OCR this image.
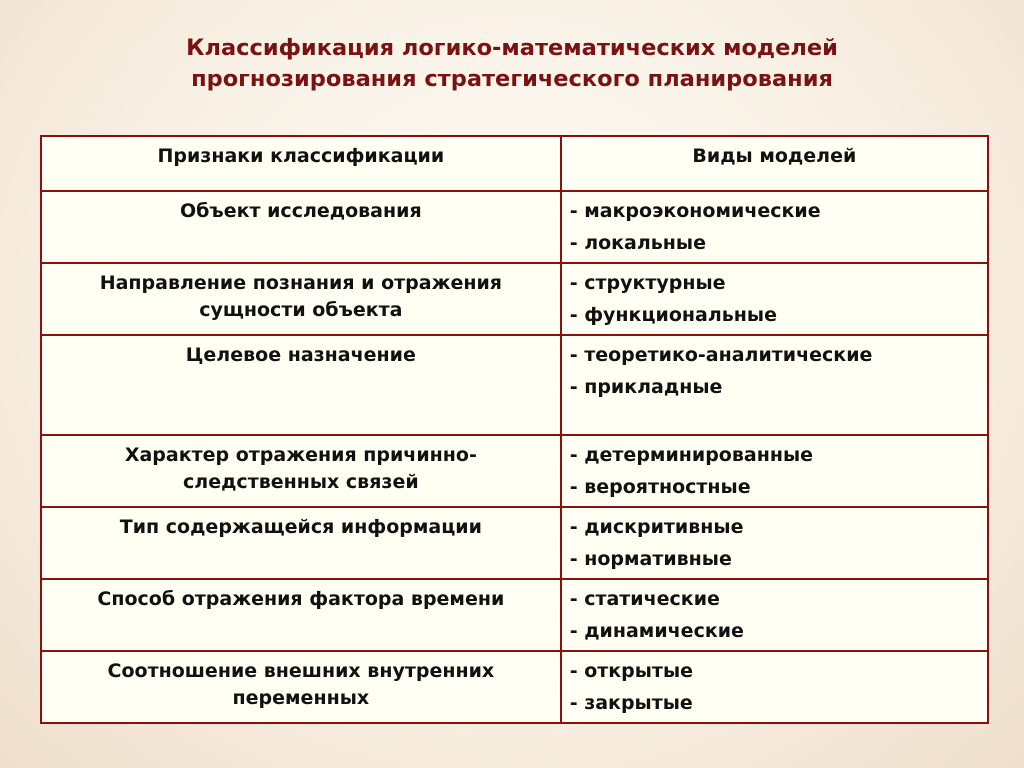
Классификация логико-математических моделей
прогнозирования стратегического планирования
Признаки классификации	Виды моделей
Объект исследования	- макроэкономические
- локальные

Направление познания и отражения сущности объекта	- структурные
- функциональные

Целевое назначение	- теоретико-аналитические
- прикладные

Характер отражения причинно-следственных связей	- детерминированные
- вероятностные

Тип содержащейся информации	- дискритивные
- нормативные

Способ отражения фактора времени	- статические
- динамические

Соотношение внешних внутренних переменных	- открытые
- закрытые
